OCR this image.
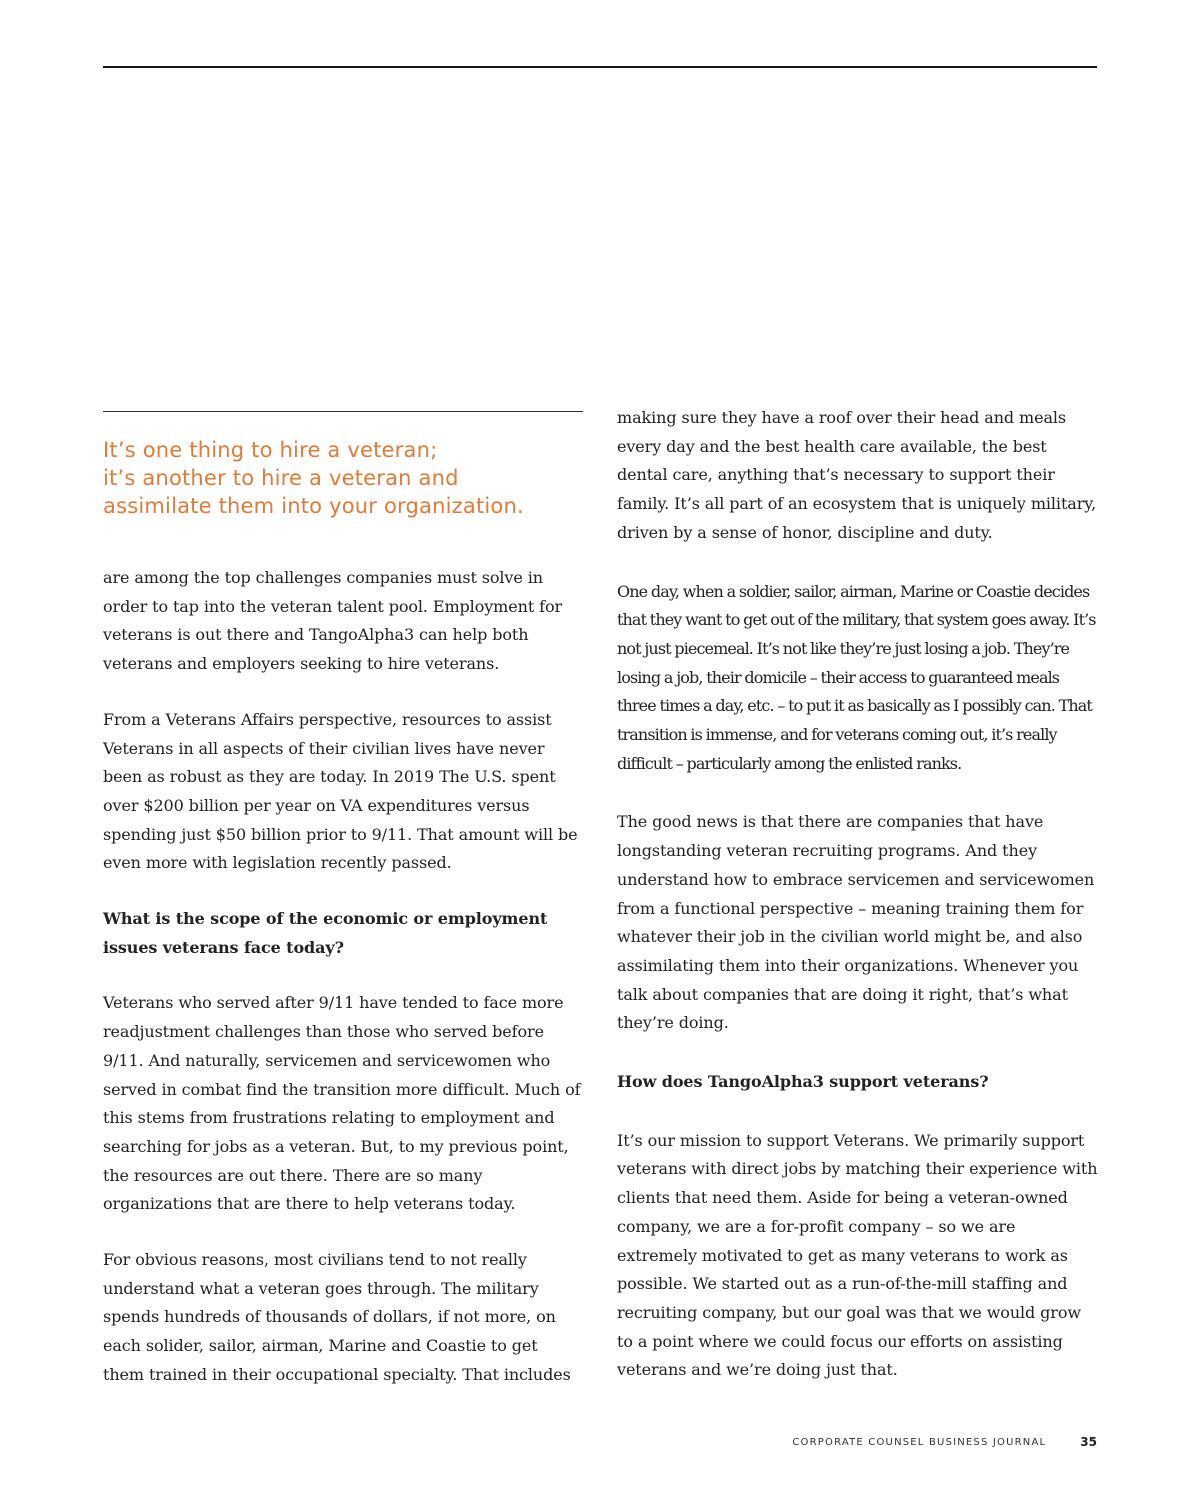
It’s one thing to hire a veteran;
it’s another to hire a veteran and
assimilate them into your organization.

are among the top challenges companies must solve in order to tap into the veteran talent pool. Employment for veterans is out there and TangoAlpha3 can help both veterans and employers seeking to hire veterans.

From a Veterans Affairs perspective, resources to assist Veterans in all aspects of their civilian lives have never been as robust as they are today. In 2019 The U.S. spent over $200 billion per year on VA expenditures versus spending just $50 billion prior to 9/11. That amount will be even more with legislation recently passed.

What is the scope of the economic or employment issues veterans face today?

Veterans who served after 9/11 have tended to face more readjustment challenges than those who served before 9/11. And naturally, servicemen and servicewomen who served in combat find the transition more difficult. Much of this stems from frustrations relating to employment and searching for jobs as a veteran. But, to my previous point, the resources are out there. There are so many organizations that are there to help veterans today.

For obvious reasons, most civilians tend to not really understand what a veteran goes through. The military spends hundreds of thousands of dollars, if not more, on each solider, sailor, airman, Marine and Coastie to get them trained in their occupational specialty. That includes

making sure they have a roof over their head and meals every day and the best health care available, the best dental care, anything that’s necessary to support their family. It’s all part of an ecosystem that is uniquely military, driven by a sense of honor, discipline and duty.

One day, when a soldier, sailor, airman, Marine or Coastie decides that they want to get out of the military, that system goes away. It’s not just piecemeal. It’s not like they’re just losing a job. They’re losing a job, their domicile – their access to guaranteed meals three times a day, etc. – to put it as basically as I possibly can. That transition is immense, and for veterans coming out, it’s really difficult – particularly among the enlisted ranks.

The good news is that there are companies that have longstanding veteran recruiting programs. And they understand how to embrace servicemen and servicewomen from a functional perspective – meaning training them for whatever their job in the civilian world might be, and also assimilating them into their organizations. Whenever you talk about companies that are doing it right, that’s what they’re doing.

How does TangoAlpha3 support veterans?

It’s our mission to support Veterans. We primarily support veterans with direct jobs by matching their experience with clients that need them. Aside for being a veteran-owned company, we are a for-profit company – so we are extremely motivated to get as many veterans to work as possible. We started out as a run-of-the-mill staffing and recruiting company, but our goal was that we would grow to a point where we could focus our efforts on assisting veterans and we’re doing just that.

CORPORATE COUNSEL BUSINESS JOURNAL	35
